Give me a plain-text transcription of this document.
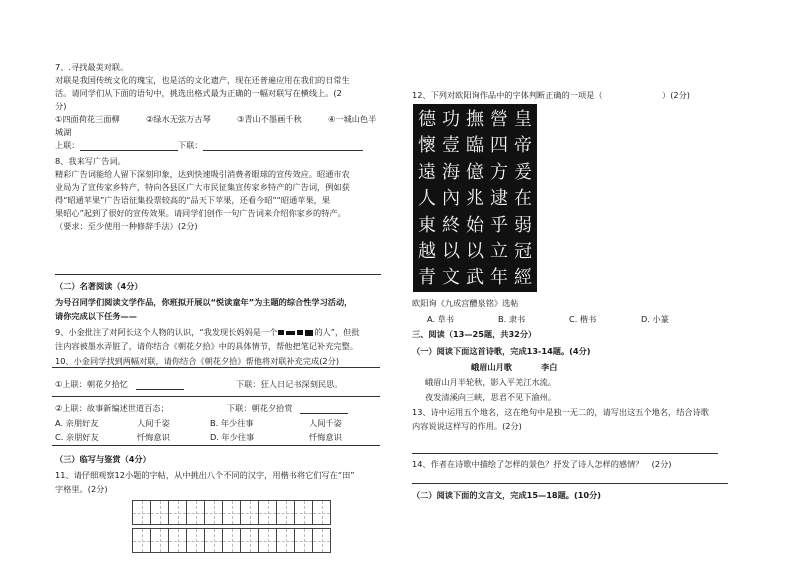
7、.寻找最美对联。
对联是我国传统文化的瑰宝，也是活的文化遗产，现在还普遍应用在我们的日常生
活。请同学们从下面的语句中，挑选出格式最为正确的一幅对联写在横线上。(2
分)
①四面荷花三面柳	②绿水无弦万古琴	③青山不墨画千秋	④一城山色半
城湖
上联：	下联：
8、我来写广告词。
精彩广告词能给人留下深刻印象，达到快速吸引消费者眼球的宣传效应。昭通市农
业局为了宣传家乡特产，特向各县区广大市民征集宣传家乡特产的广告词，例如获
得“昭通苹果”广告语征集投票较高的“品天下苹果，还看今昭”“昭通苹果，果
果昭心”起到了很好的宣传效果。请同学们创作一句广告词来介绍你家乡的特产。
（要求：至少使用一种修辞手法）(2分)
（二）名著阅读（4分）
为号召同学们阅读文学作品，你班拟开展以“悦读童年”为主题的综合性学习活动，
请你完成以下任务——
9、小金批注了对阿长这个人物的认识，“我发现长妈妈是一个	的人”，但批
注内容被墨水弄脏了，请你结合《朝花夕拾》中的具体情节，帮他把笔记补充完整。
10、小金同学找到两幅对联，请你结合《朝花夕拾》帮他将对联补充完成(2分)
①上联：朝花夕拾忆	下联：狂人日记书深刻民思。
②上联：故事新编述世道百态；	下联：朝花夕拾赏
A. 亲朋好友	人间千姿	B. 年少往事	人间千姿
C. 亲朋好友	忏悔意识	D. 年少往事	忏悔意识
（三）临写与鉴赏（4分）
11、请仔细观察12小题的字帖，从中挑出八个不同的汉字，用楷书将它们写在“田”
字格里。(2分)
12、下列对欧阳询作品中的字体判断正确的一项是（	）(2分)
皇
帝
爰
在
弱
冠
經
營
四
方
逮
乎
立
年
撫
臨
億
兆
始
以
武
功
壹
海
內
終
以
文
德
懷
遠
人
東
越
青
欧阳询《九成宫醴泉铭》选帖
A. 草书	B. 隶书	C. 楷书	D. 小篆
三、阅读（13—25题，共32分）
（一）阅读下面这首诗歌，完成13-14题。(4分)
峨眉山月歌	李白
峨眉山月半轮秋，影入平羌江水流。
夜发清溪向三峡，思君不见下渝州。
13、诗中运用五个地名，这在绝句中是独一无二的，请写出这五个地名，结合诗歌
内容说说这样写的作用。(2分)
14、作者在诗歌中描绘了怎样的景色？抒发了诗人怎样的感情？　(2分)
（二）阅读下面的文言文，完成15—18题。(10分)
